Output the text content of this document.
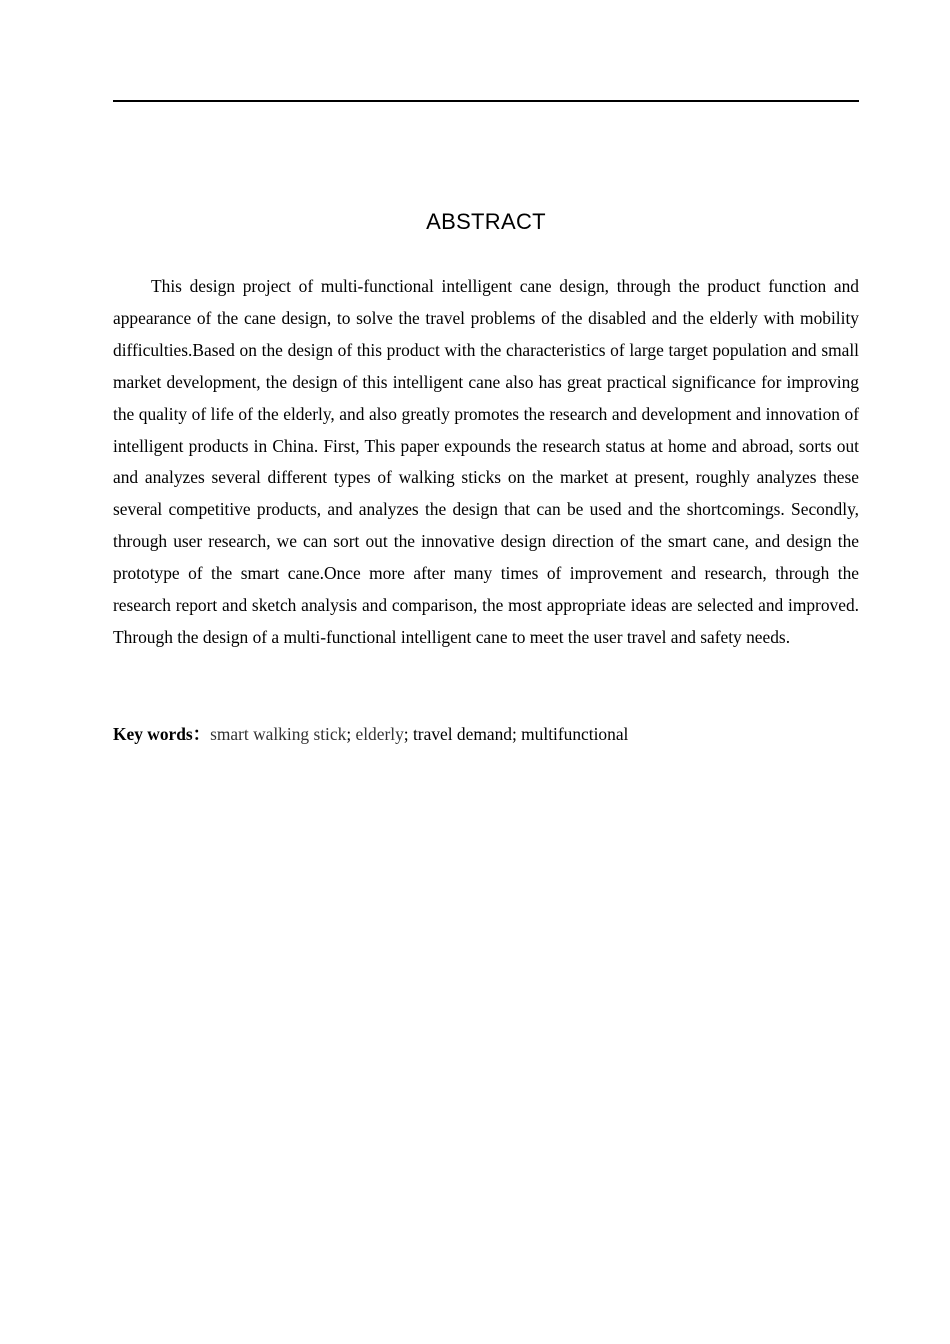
ABSTRACT

This design project of multi-functional intelligent cane design, through the product function and appearance of the cane design, to solve the travel problems of the disabled and the elderly with mobility difficulties.Based on the design of this product with the characteristics of large target population and small market development, the design of this intelligent cane also has great practical significance for improving the quality of life of the elderly, and also greatly promotes the research and development and innovation of intelligent products in China. First, This paper expounds the research status at home and abroad, sorts out and analyzes several different types of walking sticks on the market at present, roughly analyzes these several competitive products, and analyzes the design that can be used and the shortcomings. Secondly, through user research, we can sort out the innovative design direction of the smart cane, and design the prototype of the smart cane.Once more after many times of improvement and research, through the research report and sketch analysis and comparison, the most appropriate ideas are selected and improved. Through the design of a multi-functional intelligent cane to meet the user travel and safety needs.

Key words：smart walking stick; elderly; travel demand; multifunctional
